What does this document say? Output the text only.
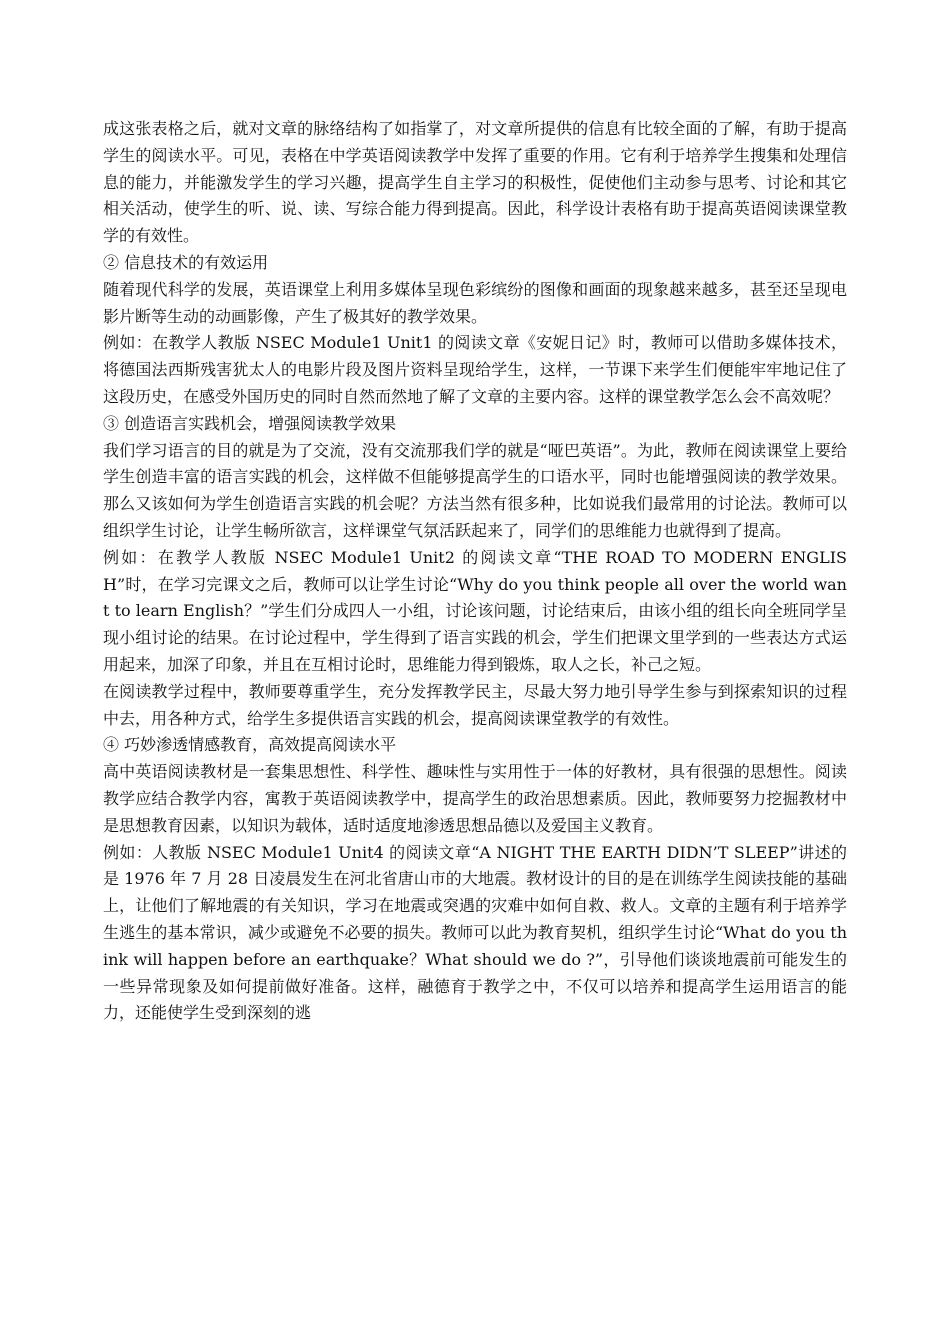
成这张表格之后，就对文章的脉络结构了如指掌了，对文章所提供的信息有比较全面的了解，有助于提高学生的阅读水平。可见，表格在中学英语阅读教学中发挥了重要的作用。它有利于培养学生搜集和处理信息的能力，并能激发学生的学习兴趣，提高学生自主学习的积极性，促使他们主动参与思考、讨论和其它相关活动，使学生的听、说、读、写综合能力得到提高。因此，科学设计表格有助于提高英语阅读课堂教学的有效性。

② 信息技术的有效运用

随着现代科学的发展，英语课堂上利用多媒体呈现色彩缤纷的图像和画面的现象越来越多，甚至还呈现电影片断等生动的动画影像，产生了极其好的教学效果。

例如：在教学人教版 NSEC Module1 Unit1 的阅读文章《安妮日记》时，教师可以借助多媒体技术，将德国法西斯残害犹太人的电影片段及图片资料呈现给学生，这样，一节课下来学生们便能牢牢地记住了这段历史，在感受外国历史的同时自然而然地了解了文章的主要内容。这样的课堂教学怎么会不高效呢？

③ 创造语言实践机会，增强阅读教学效果

我们学习语言的目的就是为了交流，没有交流那我们学的就是“哑巴英语”。为此，教师在阅读课堂上要给学生创造丰富的语言实践的机会，这样做不但能够提高学生的口语水平，同时也能增强阅读的教学效果。那么又该如何为学生创造语言实践的机会呢？方法当然有很多种，比如说我们最常用的讨论法。教师可以组织学生讨论，让学生畅所欲言，这样课堂气氛活跃起来了，同学们的思维能力也就得到了提高。

例如：在教学人教版 NSEC Module1 Unit2 的阅读文章“THE ROAD TO MODERN ENGLISH”时，在学习完课文之后，教师可以让学生讨论“Why do you think people all over the world want to learn English？”学生们分成四人一小组，讨论该问题，讨论结束后，由该小组的组长向全班同学呈现小组讨论的结果。在讨论过程中，学生得到了语言实践的机会，学生们把课文里学到的一些表达方式运用起来，加深了印象，并且在互相讨论时，思维能力得到锻炼，取人之长，补己之短。

在阅读教学过程中，教师要尊重学生，充分发挥教学民主，尽最大努力地引导学生参与到探索知识的过程中去，用各种方式，给学生多提供语言实践的机会，提高阅读课堂教学的有效性。

④ 巧妙渗透情感教育，高效提高阅读水平

高中英语阅读教材是一套集思想性、科学性、趣味性与实用性于一体的好教材，具有很强的思想性。阅读教学应结合教学内容，寓教于英语阅读教学中，提高学生的政治思想素质。因此，教师要努力挖掘教材中是思想教育因素，以知识为载体，适时适度地渗透思想品德以及爱国主义教育。

例如：人教版 NSEC Module1 Unit4 的阅读文章“A NIGHT THE EARTH DIDN’T SLEEP”讲述的是 1976 年 7 月 28 日凌晨发生在河北省唐山市的大地震。教材设计的目的是在训练学生阅读技能的基础上，让他们了解地震的有关知识，学习在地震或突遇的灾难中如何自救、救人。文章的主题有利于培养学生逃生的基本常识，减少或避免不必要的损失。教师可以此为教育契机，组织学生讨论“What do you think will happen before an earthquake？What should we do ?”，引导他们谈谈地震前可能发生的一些异常现象及如何提前做好准备。这样，融德育于教学之中，不仅可以培养和提高学生运用语言的能力，还能使学生受到深刻的逃
